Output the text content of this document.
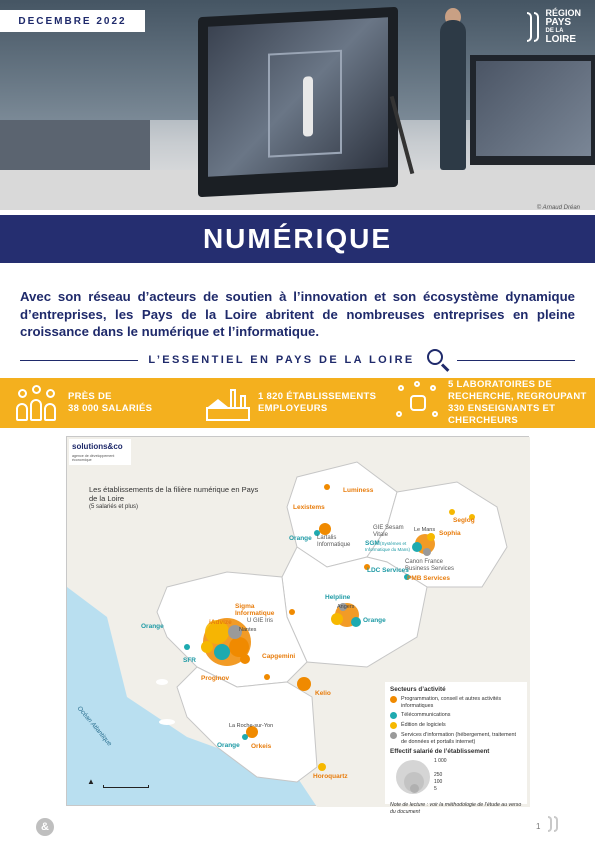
DECEMBRE 2022
RÉGION
PAYS
DE LA
LOIRE
© Arnaud Dréan
NUMÉRIQUE

Avec son réseau d’acteurs de soutien à l’innovation et son écosystème dynamique d’entreprises, les Pays de la Loire abritent de nombreuses entreprises en pleine croissance dans le numérique et l’informatique.

L’ESSENTIEL EN PAYS DE LA LOIRE
PRÈS DE
38 000 SALARIÉS
1 820 ÉTABLISSEMENTS
EMPLOYEURS
5 LABORATOIRES DE
RECHERCHE, REGROUPANT
330 ENSEIGNANTS ET
CHERCHEURS
solutions&co
agence de développement économique
Les établissements de la filière numérique en Pays de la Loire
(5 salariés et plus)
Océan Atlantique
Luminess
Lexistems
Orange Lartalis
Informatique
GIE Sesam
Vitale
Le Mans
SGM (Systèmes et
Informatique du Mans)
Sophia
Seglog
Canon France
Business Services
LDC Services
PMB Services
Helpline
Angers
Orange
Sigma
Informatique
iAdvize	U GIE Iris
Nantes
Orange
SFR
Capgemini
Proginov
Kelio
La Roche-sur-Yon
Orange Orkeis
Horoquartz
▲
Secteurs d’activité
Programmation, conseil et autres activités informatiques
Télécommunications
Édition de logiciels
Services d’information (hébergement, traitement de données et portails internet)
Effectif salarié de l’établissement
1 000
250
100
5
Note de lecture : voir la méthodologie de l’étude au verso du document
&	1
